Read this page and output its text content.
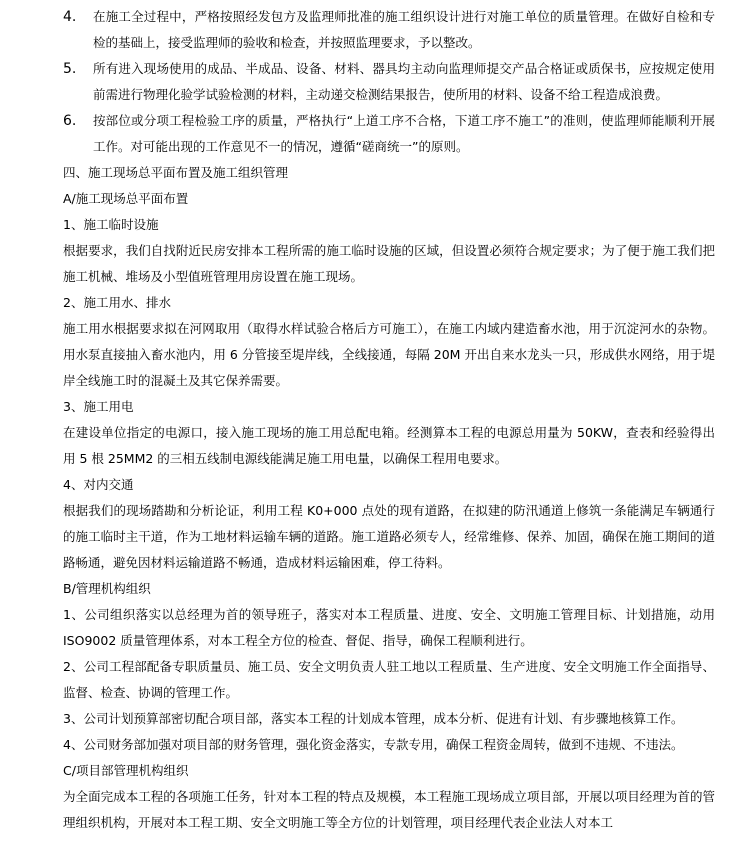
4.	在施工全过程中，严格按照经发包方及监理师批准的施工组织设计进行对施工单位的质量管理。在做好自检和专检的基础上，接受监理师的验收和检查，并按照监理要求，予以整改。
5.	所有进入现场使用的成品、半成品、设备、材料、器具均主动向监理师提交产品合格证或质保书，应按规定使用前需进行物理化验学试验检测的材料，主动递交检测结果报告，使所用的材料、设备不给工程造成浪费。
6.	按部位或分项工程检验工序的质量，严格执行“上道工序不合格，下道工序不施工”的准则，使监理师能顺利开展工作。对可能出现的工作意见不一的情况，遵循“磋商统一”的原则。
四、施工现场总平面布置及施工组织管理
A/施工现场总平面布置
1、施工临时设施
根据要求，我们自找附近民房安排本工程所需的施工临时设施的区域，但设置必须符合规定要求；为了便于施工我们把施工机械、堆场及小型值班管理用房设置在施工现场。
2、施工用水、排水
施工用水根据要求拟在河网取用（取得水样试验合格后方可施工），在施工内域内建造畜水池，用于沉淀河水的杂物。用水泵直接抽入畜水池内，用 6 分管接至堤岸线，全线接通，每隔 20M 开出自来水龙头一只，形成供水网络，用于堤岸全线施工时的混凝土及其它保养需要。
3、施工用电
在建设单位指定的电源口，接入施工现场的施工用总配电箱。经测算本工程的电源总用量为 50KW，查表和经验得出用 5 根 25MM2 的三相五线制电源线能满足施工用电量，以确保工程用电要求。
4、对内交通
根据我们的现场踏勘和分析论证，利用工程 K0+000 点处的现有道路，在拟建的防汛通道上修筑一条能满足车辆通行的施工临时主干道，作为工地材料运输车辆的道路。施工道路必须专人，经常维修、保养、加固，确保在施工期间的道路畅通，避免因材料运输道路不畅通，造成材料运输困难，停工待料。
B/管理机构组织
1、公司组织落实以总经理为首的领导班子，落实对本工程质量、进度、安全、文明施工管理目标、计划措施，动用 ISO9002 质量管理体系，对本工程全方位的检查、督促、指导，确保工程顺利进行。
2、公司工程部配备专职质量员、施工员、安全文明负责人驻工地以工程质量、生产进度、安全文明施工作全面指导、监督、检查、协调的管理工作。
3、公司计划预算部密切配合项目部，落实本工程的计划成本管理，成本分析、促进有计划、有步骤地核算工作。
4、公司财务部加强对项目部的财务管理，强化资金落实，专款专用，确保工程资金周转，做到不违规、不违法。
C/项目部管理机构组织
为全面完成本工程的各项施工任务，针对本工程的特点及规模，本工程施工现场成立项目部，开展以项目经理为首的管理组织机构，开展对本工程工期、安全文明施工等全方位的计划管理，项目经理代表企业法人对本工
